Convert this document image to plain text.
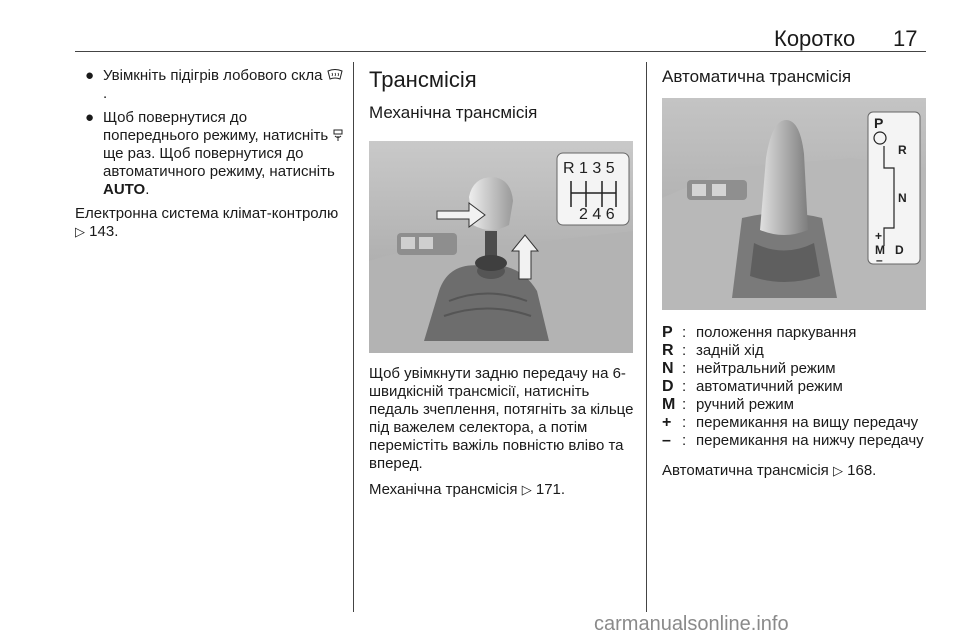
Коротко 17
● Увімкніть підігрів лобового скла .
● Щоб повернутися до попереднього режиму, натисніть  ще раз. Щоб повернутися до автоматичного режиму, натисніть AUTO.

Електронна система клімат-контролю ▷ 143.

Трансмісія
Механічна трансмісія
R 1 3 5
2 4 6

Щоб увімкнути задню передачу на 6-швидкісній трансмісії, натисніть педаль зчеплення, потягніть за кільце під важелем селектора, а потім перемістіть важіль повністю вліво та вперед.

Механічна трансмісія ▷ 171.

Автоматична трансмісія
P
R
N
+
M D
–
P : положення паркування
R : задній хід
N : нейтральний режим
D : автоматичний режим
M : ручний режим
+ : перемикання на вищу передачу
– : перемикання на нижчу передачу

Автоматична трансмісія ▷ 168.

carmanualsonline.info
